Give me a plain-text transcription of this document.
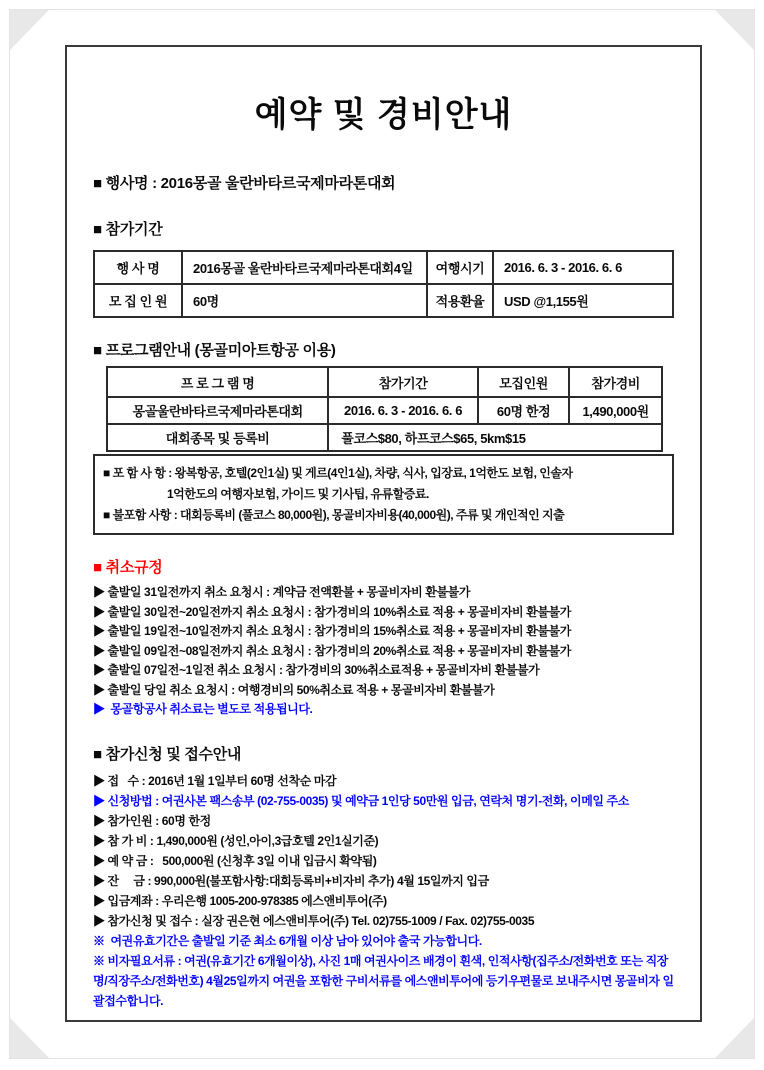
예약 및 경비안내
■ 행사명 : 2016몽골 울란바타르국제마라톤대회
■ 참가기간
행 사 명	2016몽골 울란바타르국제마라톤대회4일	여행시기	2016. 6. 3 - 2016. 6. 6
모 집 인 원	60명	적용환율	USD @1,155원
■ 프로그램안내 (몽골미아트항공 이용)
프 로 그 램 명	참가기간	모집인원	참가경비
몽골울란바타르국제마라톤대회	2016. 6. 3 - 2016. 6. 6	60명 한정	1,490,000원
대회종목 및 등록비	풀코스$80, 하프코스$65, 5km$15		
■ 포 함 사 항 : 왕복항공, 호텔(2인1실) 및 게르(4인1실), 차량, 식사, 입장료, 1억한도 보험, 인솔자
1억한도의 여행자보험, 가이드 및 기사팁, 유류할증료.
■ 불포함 사항 : 대회등록비 (풀코스 80,000원), 몽골비자비용(40,000원), 주류 및 개인적인 지출
■ 취소규정
▶ 출발일 31일전까지 취소 요청시 : 계약금 전액환불 + 몽골비자비 환불불가
▶ 출발일 30일전~20일전까지 취소 요청시 : 참가경비의 10%취소료 적용 + 몽골비자비 환불불가
▶ 출발일 19일전~10일전까지 취소 요청시 : 참가경비의 15%취소료 적용 + 몽골비자비 환불불가
▶ 출발일 09일전~08일전까지 취소 요청시 : 참가경비의 20%취소료 적용 + 몽골비자비 환불불가
▶ 출발일 07일전~1일전 취소 요청시 : 참가경비의 30%취소료적용 + 몽골비자비 환불불가
▶ 출발일 당일 취소 요청시 : 여행경비의 50%취소료 적용 + 몽골비자비 환불불가
▶  몽골항공사 취소료는 별도로 적용됩니다.
■ 참가신청 및 접수안내
▶ 접   수 : 2016년 1월 1일부터 60명 선착순 마감
▶ 신청방법 : 여권사본 팩스송부 (02-755-0035) 및 예약금 1인당 50만원 입금, 연락처 명기-전화, 이메일 주소
▶ 참가인원 : 60명 한정
▶ 참 가 비 : 1,490,000원 (성인,아이,3급호텔 2인1실기준)
▶ 예 약 금 :   500,000원 (신청후 3일 이내 입금시 확약됨)
▶ 잔     금 : 990,000원(불포함사항:대회등록비+비자비 추가) 4월 15일까지 입금
▶ 입금계좌 : 우리은행 1005-200-978385 에스앤비투어(주)
▶ 참가신청 및 접수 : 실장 권은현 에스앤비투어(주) Tel. 02)755-1009 / Fax. 02)755-0035
※  여권유효기간은 출발일 기준 최소 6개월 이상 남아 있어야 출국 가능합니다.
※ 비자필요서류 : 여권(유효기간 6개월이상), 사진 1매 여권사이즈 배경이 흰색, 인적사항(집주소/전화번호 또는 직장명/직장주소/전화번호) 4월25일까지 여권을 포함한 구비서류를 에스앤비투어에 등기우편물로 보내주시면 몽골비자 일괄접수합니다.
